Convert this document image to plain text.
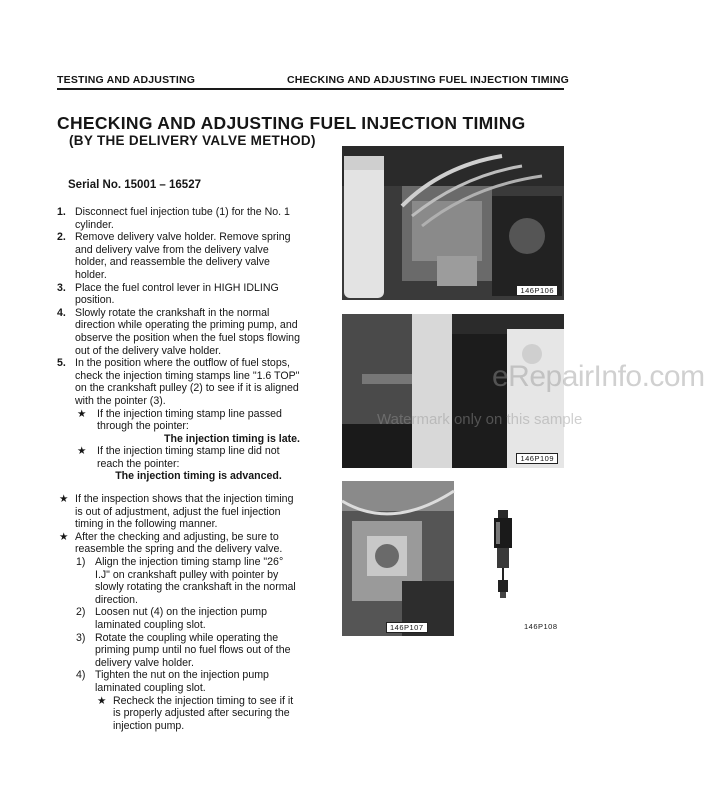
TESTING AND ADJUSTING	CHECKING AND ADJUSTING FUEL INJECTION TIMING
CHECKING AND ADJUSTING FUEL INJECTION TIMING
(BY THE DELIVERY VALVE METHOD)
Serial No. 15001 – 16527
1. Disconnect fuel injection tube (1) for the No. 1 cylinder.

2. Remove delivery valve holder. Remove spring and delivery valve from the delivery valve holder, and reassemble the delivery valve holder.

3. Place the fuel control lever in HIGH IDLING position.

4. Slowly rotate the crankshaft in the normal direction while operating the priming pump, and observe the position when the fuel stops flowing out of the delivery valve holder.

5. In the position where the outflow of fuel stops, check the injection timing stamps line "1.6 TOP" on the crankshaft pulley (2) to see if it is aligned with the pointer (3).

★ If the injection timing stamp line passed through the pointer:

The injection timing is late.

★ If the injection timing stamp line did not reach the pointer:

The injection timing is advanced.

★ If the inspection shows that the injection timing is out of adjustment, adjust the fuel injection timing in the following manner.

★ After the checking and adjusting, be sure to reasemble the spring and the delivery valve.

1) Align the injection timing stamp line "26° I.J" on crankshaft pulley with pointer by slowly rotating the crankshaft in the normal direction.

2) Loosen nut (4) on the injection pump laminated coupling slot.

3) Rotate the coupling while operating the priming pump until no fuel flows out of the delivery valve holder.

4) Tighten the nut on the injection pump laminated coupling slot.

★ Recheck the injection timing to see if it is properly adjusted after securing the injection pump.

146P106
146P109
146P107	146P108
eRepairInfo.com
Watermark only on this sample
